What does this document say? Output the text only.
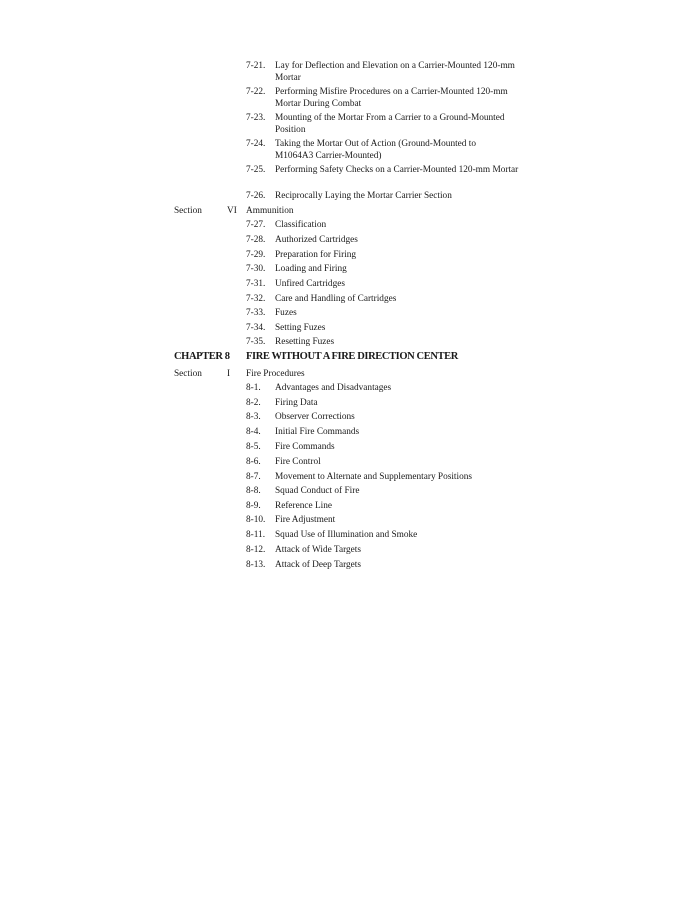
7-21.	Lay for Deflection and Elevation on a Carrier-Mounted 120-mm Mortar
7-22.	Performing Misfire Procedures on a Carrier-Mounted 120-mm Mortar During Combat
7-23.	Mounting of the Mortar From a Carrier to a Ground-Mounted Position
7-24.	Taking the Mortar Out of Action (Ground-Mounted to M1064A3 Carrier-Mounted)
7-25.	Performing Safety Checks on a Carrier-Mounted 120-mm Mortar
7-26.	Reciprocally Laying the Mortar Carrier Section
Section	VI Ammunition
7-27.	Classification
7-28.	Authorized Cartridges
7-29.	Preparation for Firing
7-30.	Loading and Firing
7-31.	Unfired Cartridges
7-32.	Care and Handling of Cartridges
7-33.	Fuzes
7-34.	Setting Fuzes
7-35.	Resetting Fuzes
CHAPTER 8 FIRE WITHOUT A FIRE DIRECTION CENTER
Section	I Fire Procedures
8-1.	Advantages and Disadvantages
8-2.	Firing Data
8-3.	Observer Corrections
8-4.	Initial Fire Commands
8-5.	Fire Commands
8-6.	Fire Control
8-7.	Movement to Alternate and Supplementary Positions
8-8.	Squad Conduct of Fire
8-9.	Reference Line
8-10.	Fire Adjustment
8-11.	Squad Use of Illumination and Smoke
8-12.	Attack of Wide Targets
8-13.	Attack of Deep Targets
